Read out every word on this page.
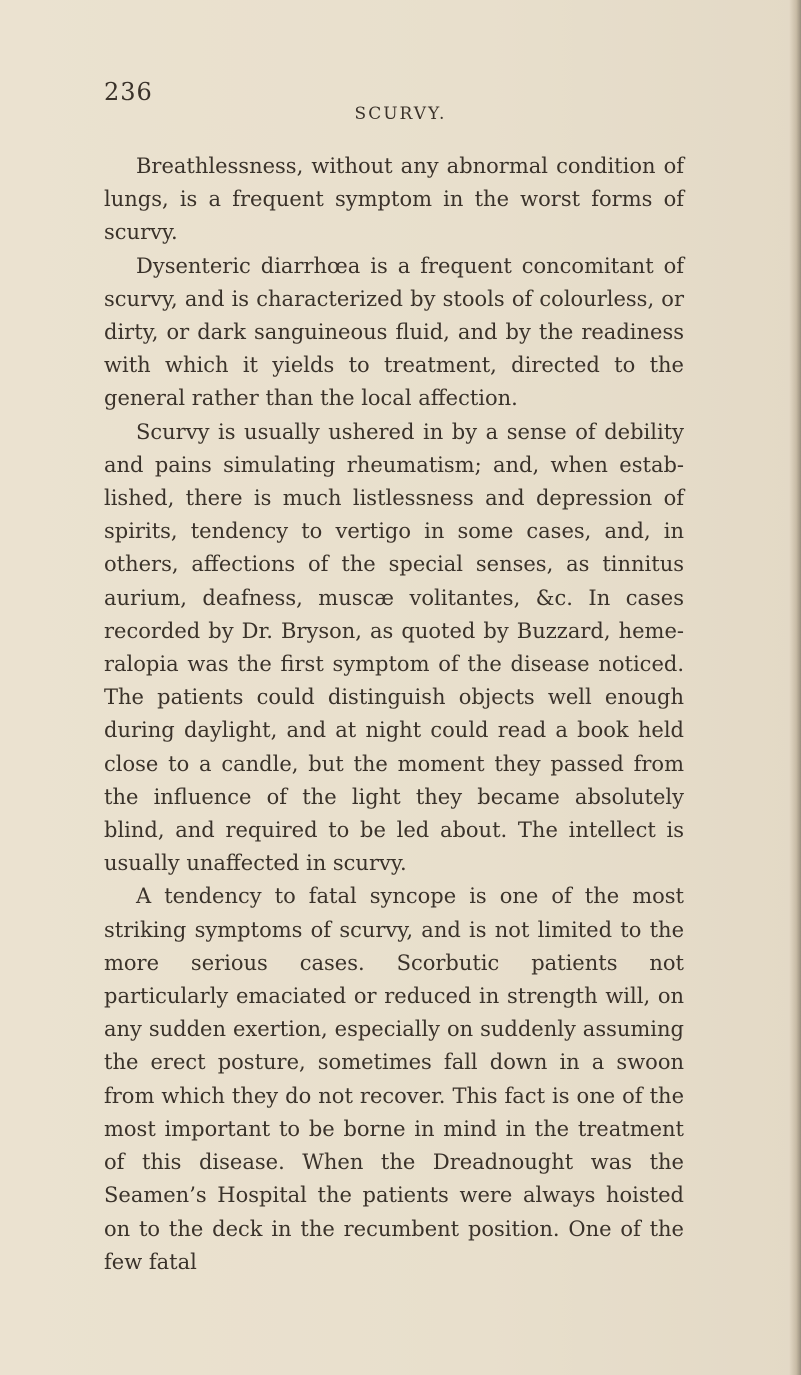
236
SCURVY.

Breathlessness, without any abnormal condition of lungs, is a frequent symptom in the worst forms of scurvy.

Dysenteric diarrhœa is a frequent concomitant of scurvy, and is characterized by stools of colourless, or dirty, or dark sanguineous fluid, and by the readiness with which it yields to treatment, directed to the general rather than the local affection.

Scurvy is usually ushered in by a sense of debility and pains simulating rheumatism; and, when estab-lished, there is much listlessness and depression of spirits, tendency to vertigo in some cases, and, in others, affections of the special senses, as tinnitus aurium, deafness, muscæ volitantes, &c. In cases recorded by Dr. Bryson, as quoted by Buzzard, heme-ralopia was the first symptom of the disease noticed. The patients could distinguish objects well enough during daylight, and at night could read a book held close to a candle, but the moment they passed from the influence of the light they became absolutely blind, and required to be led about. The intellect is usually unaffected in scurvy.

A tendency to fatal syncope is one of the most striking symptoms of scurvy, and is not limited to the more serious cases. Scorbutic patients not particularly emaciated or reduced in strength will, on any sudden exertion, especially on suddenly assuming the erect posture, sometimes fall down in a swoon from which they do not recover. This fact is one of the most important to be borne in mind in the treatment of this disease. When the Dreadnought was the Seamen’s Hospital the patients were always hoisted on to the deck in the recumbent position. One of the few fatal
